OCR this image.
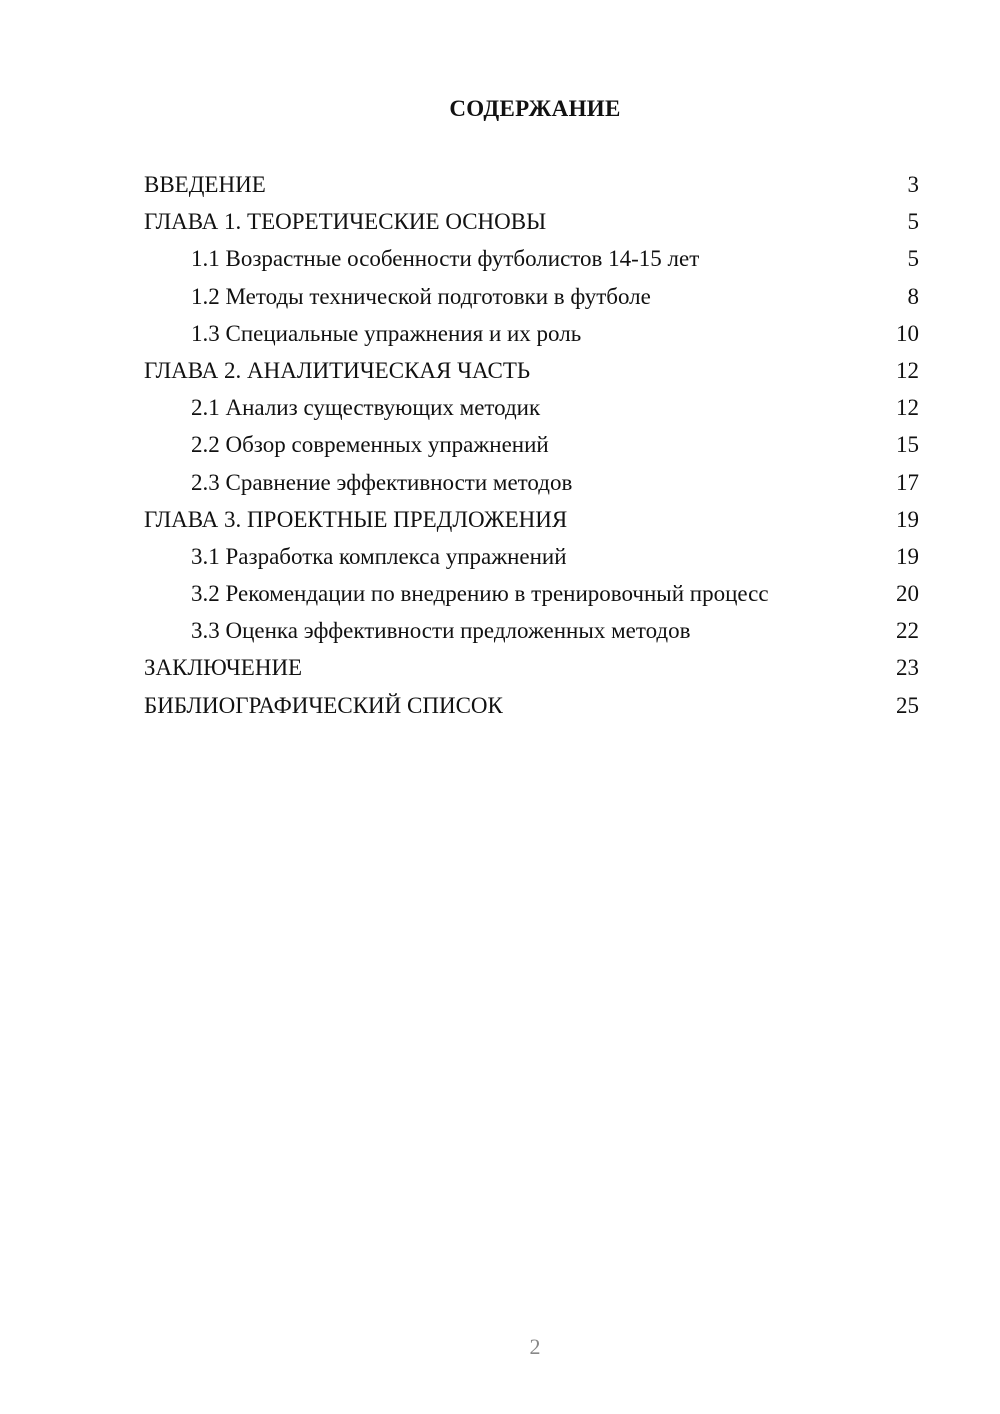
СОДЕРЖАНИЕ
ВВЕДЕНИЕ	3
ГЛАВА 1. ТЕОРЕТИЧЕСКИЕ ОСНОВЫ	5
1.1 Возрастные особенности футболистов 14-15 лет	5
1.2 Методы технической подготовки в футболе	8
1.3 Специальные упражнения и их роль	10
ГЛАВА 2. АНАЛИТИЧЕСКАЯ ЧАСТЬ	12
2.1 Анализ существующих методик	12
2.2 Обзор современных упражнений	15
2.3 Сравнение эффективности методов	17
ГЛАВА 3. ПРОЕКТНЫЕ ПРЕДЛОЖЕНИЯ	19
3.1 Разработка комплекса упражнений	19
3.2 Рекомендации по внедрению в тренировочный процесс	20
3.3 Оценка эффективности предложенных методов	22
ЗАКЛЮЧЕНИЕ	23
БИБЛИОГРАФИЧЕСКИЙ СПИСОК	25
2
